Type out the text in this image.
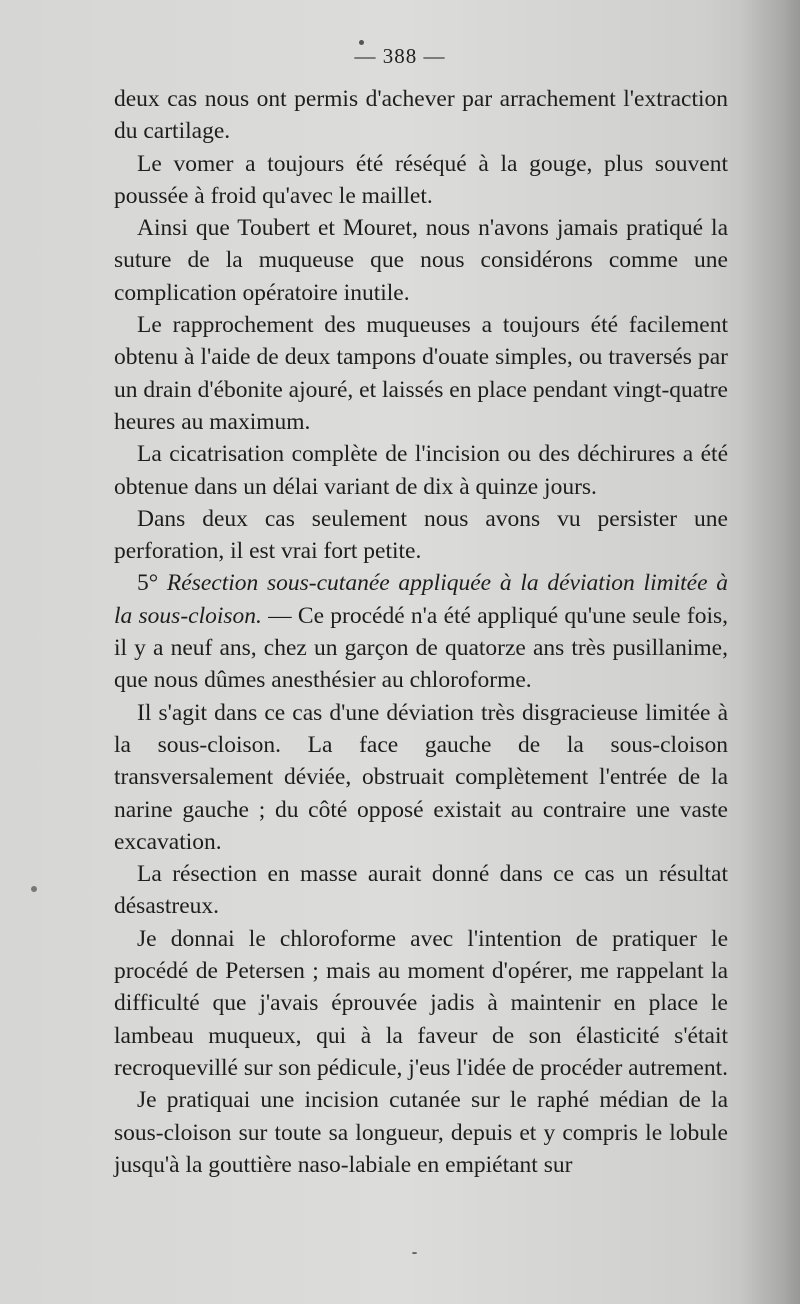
— 388 —

deux cas nous ont permis d'achever par arrachement l'extraction du cartilage.

Le vomer a toujours été réséqué à la gouge, plus souvent poussée à froid qu'avec le maillet.

Ainsi que Toubert et Mouret, nous n'avons jamais pratiqué la suture de la muqueuse que nous considérons comme une complication opératoire inutile.

Le rapprochement des muqueuses a toujours été facilement obtenu à l'aide de deux tampons d'ouate simples, ou traversés par un drain d'ébonite ajouré, et laissés en place pendant vingt-quatre heures au maximum.

La cicatrisation complète de l'incision ou des déchirures a été obtenue dans un délai variant de dix à quinze jours.

Dans deux cas seulement nous avons vu persister une perforation, il est vrai fort petite.

5° Résection sous-cutanée appliquée à la déviation limitée à la sous-cloison. — Ce procédé n'a été appliqué qu'une seule fois, il y a neuf ans, chez un garçon de quatorze ans très pusillanime, que nous dûmes anesthésier au chloroforme.

Il s'agit dans ce cas d'une déviation très disgracieuse limitée à la sous-cloison. La face gauche de la sous-cloison transversalement déviée, obstruait complètement l'entrée de la narine gauche ; du côté opposé existait au contraire une vaste excavation.

La résection en masse aurait donné dans ce cas un résultat désastreux.

Je donnai le chloroforme avec l'intention de pratiquer le procédé de Petersen ; mais au moment d'opérer, me rappelant la difficulté que j'avais éprouvée jadis à maintenir en place le lambeau muqueux, qui à la faveur de son élasticité s'était recroquevillé sur son pédicule, j'eus l'idée de procéder autrement.

Je pratiquai une incision cutanée sur le raphé médian de la sous-cloison sur toute sa longueur, depuis et y compris le lobule jusqu'à la gouttière naso-labiale en empiétant sur
